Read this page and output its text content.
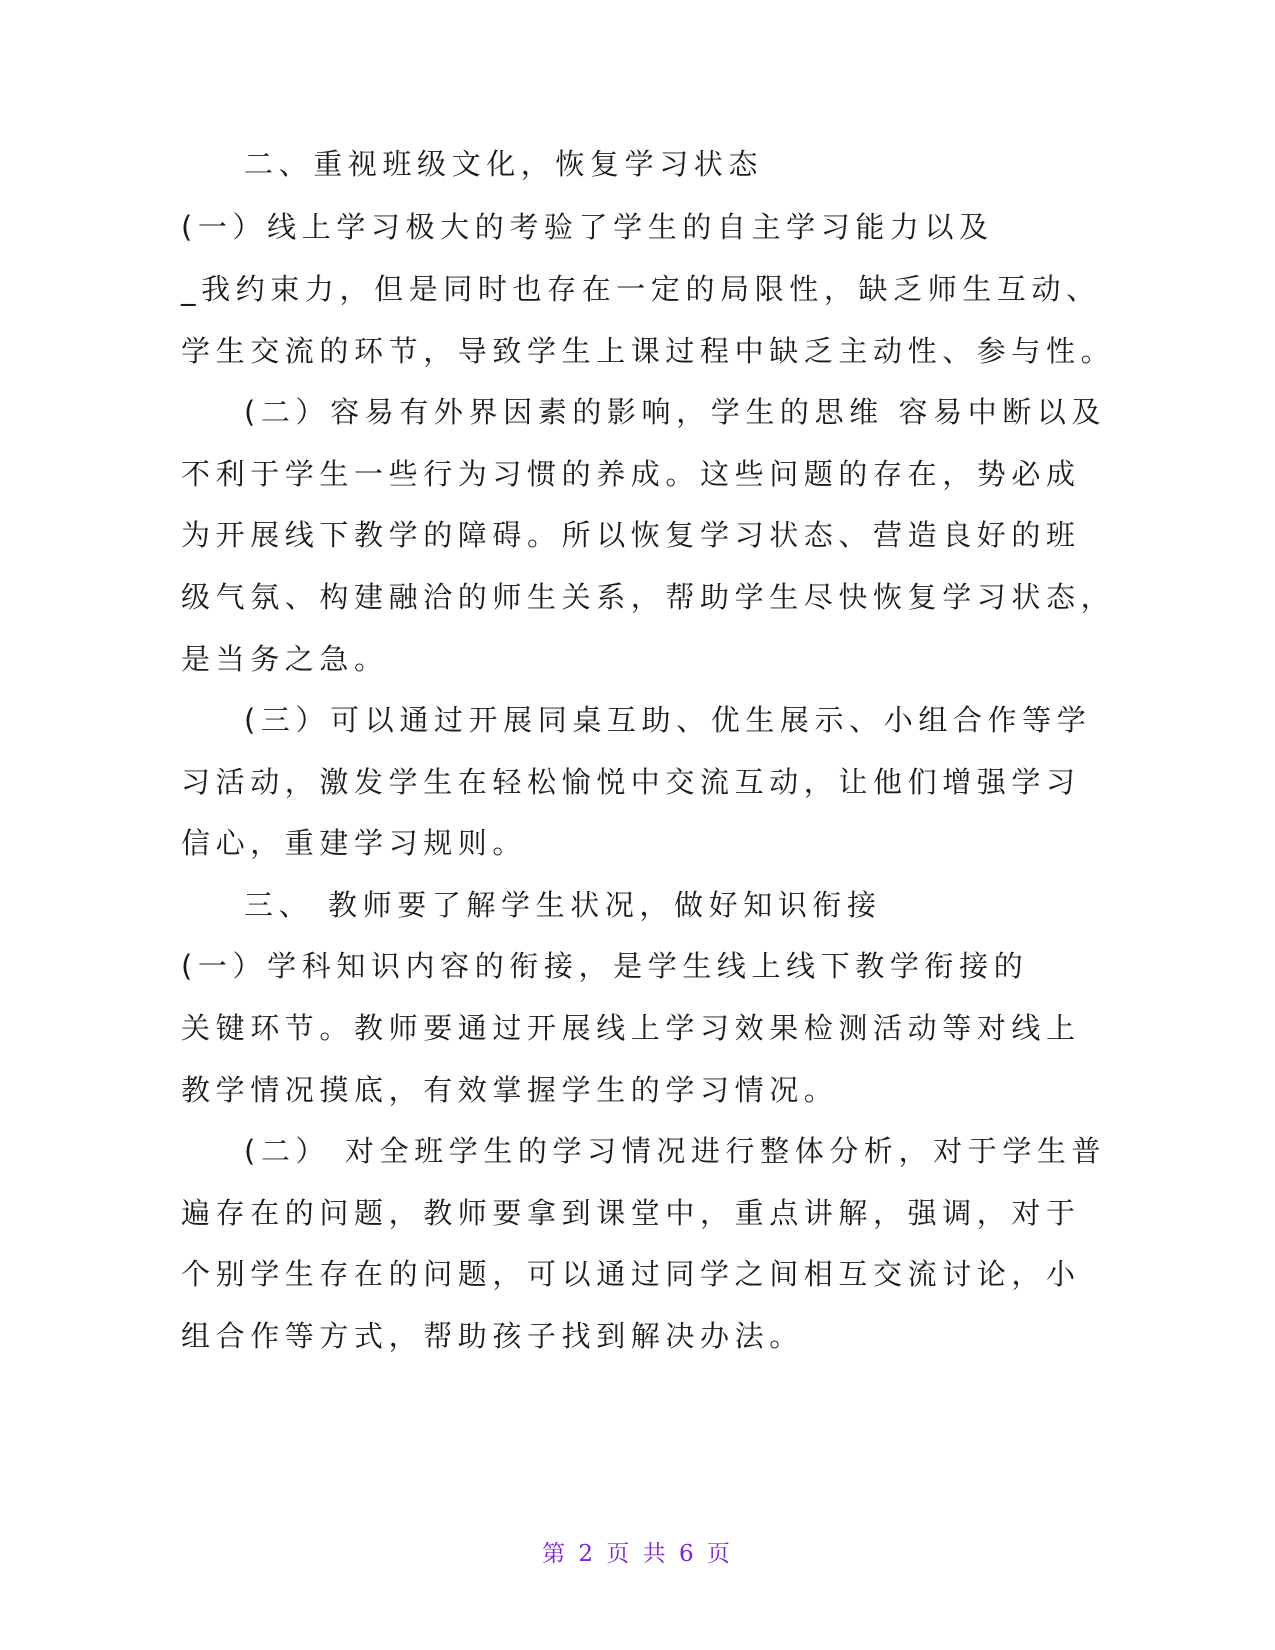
二、重视班级文化，恢复学习状态
(一）线上学习极大的考验了学生的自主学习能力以及
_我约束力，但是同时也存在一定的局限性，缺乏师生互动、
学生交流的环节，导致学生上课过程中缺乏主动性、参与性。
(二）容易有外界因素的影响，学生的思维 容易中断以及
不利于学生一些行为习惯的养成。这些问题的存在，势必成
为开展线下教学的障碍。所以恢复学习状态、营造良好的班
级气氛、构建融洽的师生关系，帮助学生尽快恢复学习状态，
是当务之急。
(三）可以通过开展同桌互助、优生展示、小组合作等学
习活动，激发学生在轻松愉悦中交流互动，让他们增强学习
信心，重建学习规则。
三、 教师要了解学生状况，做好知识衔接
(一）学科知识内容的衔接，是学生线上线下教学衔接的
关键环节。教师要通过开展线上学习效果检测活动等对线上
教学情况摸底，有效掌握学生的学习情况。
(二） 对全班学生的学习情况进行整体分析，对于学生普
遍存在的问题，教师要拿到课堂中，重点讲解，强调，对于
个别学生存在的问题，可以通过同学之间相互交流讨论，小
组合作等方式，帮助孩子找到解决办法。
第 2 页 共 6 页
